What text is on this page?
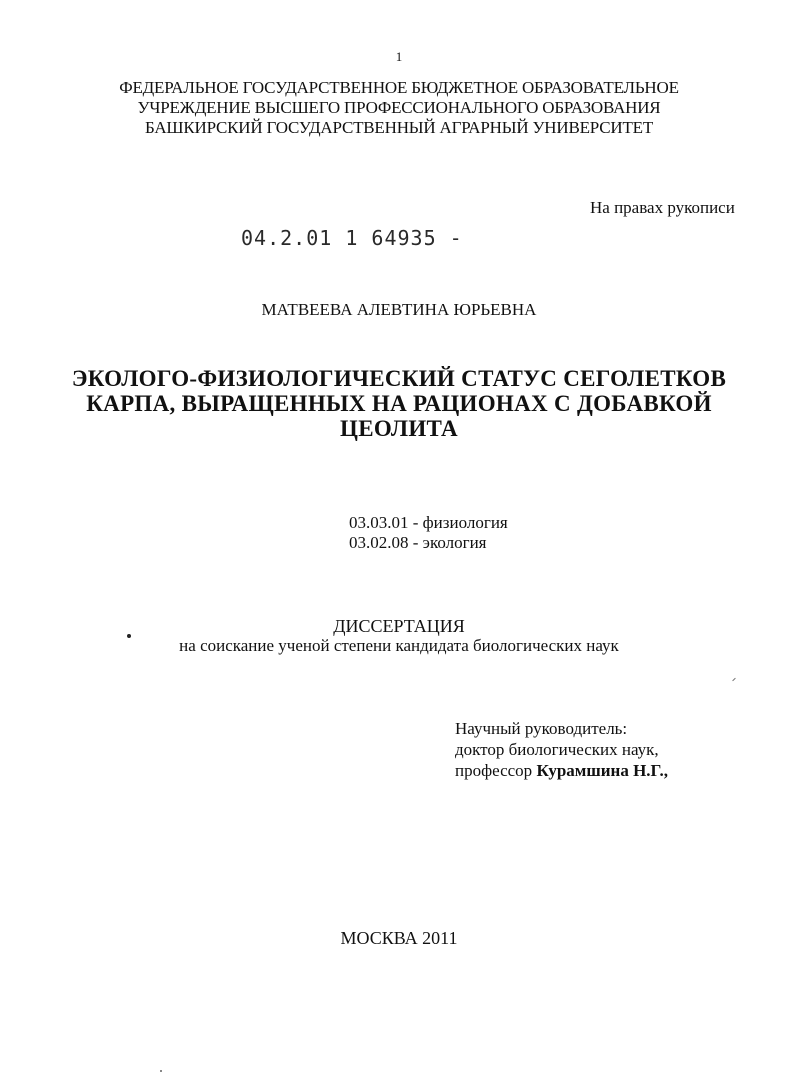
1
ФЕДЕРАЛЬНОЕ ГОСУДАРСТВЕННОЕ БЮДЖЕТНОЕ ОБРАЗОВАТЕЛЬНОЕ
УЧРЕЖДЕНИЕ ВЫСШЕГО ПРОФЕССИОНАЛЬНОГО ОБРАЗОВАНИЯ
БАШКИРСКИЙ ГОСУДАРСТВЕННЫЙ АГРАРНЫЙ УНИВЕРСИТЕТ
На правах рукописи
04.2.01 1 64935 -
МАТВЕЕВА АЛЕВТИНА ЮРЬЕВНА
ЭКОЛОГО-ФИЗИОЛОГИЧЕСКИЙ СТАТУС СЕГОЛЕТКОВ
КАРПА, ВЫРАЩЕННЫХ НА РАЦИОНАХ С ДОБАВКОЙ
ЦЕОЛИТА
03.03.01 - физиология
03.02.08 - экология
ДИССЕРТАЦИЯ
на соискание ученой степени кандидата биологических наук
Научный руководитель:
доктор биологических наук,
профессор Курамшина Н.Г.,
МОСКВА 2011
